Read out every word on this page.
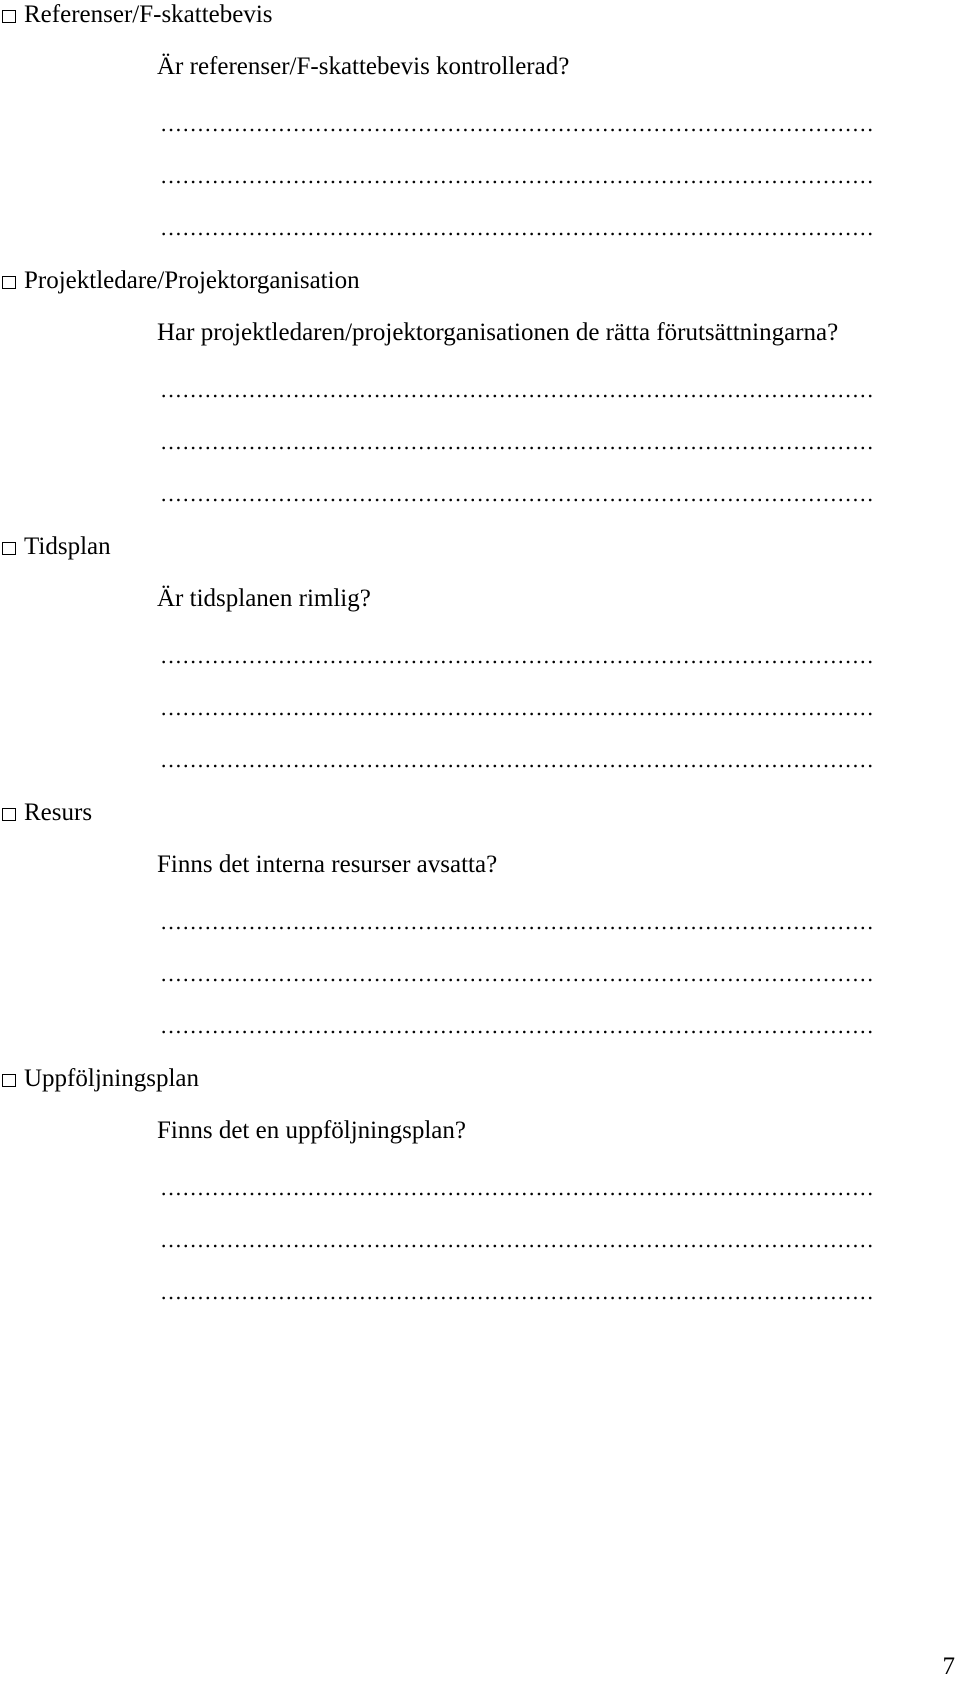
Referenser/F-skattebevis
Är referenser/F-skattebevis kontrollerad?
Projektledare/Projektorganisation
Har projektledaren/projektorganisationen de rätta förutsättningarna?
Tidsplan
Är tidsplanen rimlig?
Resurs
Finns det interna resurser avsatta?
Uppföljningsplan
Finns det en uppföljningsplan?
7
